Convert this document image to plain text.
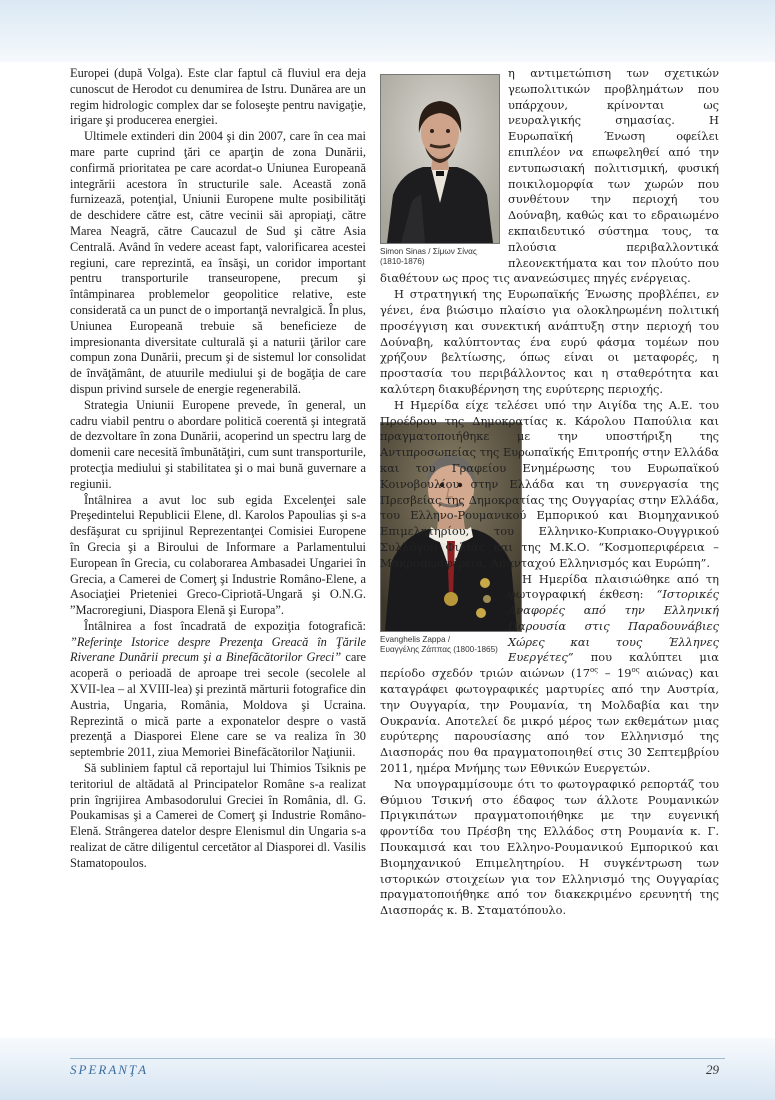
Europei (după Volga). Este clar faptul că fluviul era deja cunoscut de Herodot cu denumirea de Istru. Dunărea are un regim hidrologic complex dar se foloseşte pentru navigaţie, irigare şi producerea energiei.

Ultimele extinderi din 2004 şi din 2007, care în cea mai mare parte cuprind ţări ce aparţin de zona Dunării, confirmă prioritatea pe care acordat-o Uniunea Europeană integrării acestora în structurile sale. Această zonă furnizează, potenţial, Uniunii Europene multe posibilităţi de deschidere către est, către vecinii săi apropiaţi, către Marea Neagră, către Caucazul de Sud şi către Asia Centrală. Având în vedere aceast fapt, valorificarea acestei regiuni, care reprezintă, ea însăşi, un coridor important pentru transporturile transeuropene, precum şi întâmpinarea problemelor geopolitice relative, este considerată ca un punct de o importanţă nevralgică. În plus, Uniunea Europeană trebuie să beneficieze de impresionanta diversitate culturală şi a naturii ţărilor care compun zona Dunării, precum şi de sistemul lor consolidat de învăţământ, de atuurile mediului şi de bogăţia de care dispun privind sursele de energie regenerabilă.

Strategia Uniunii Europene prevede, în general, un cadru viabil pentru o abordare politică coerentă şi integrată de dezvoltare în zona Dunării, acoperind un spectru larg de domenii care necesită îmbunătăţiri, cum sunt transporturile, protecţia mediului şi stabilitatea şi o mai bună guvernare a regiunii.

Întâlnirea a avut loc sub egida Excelenţei sale Preşedintelui Republicii Elene, dl. Karolos Papoulias şi s-a desfăşurat cu sprijinul Reprezentanţei Comisiei Europene în Grecia şi a Biroului de Informare a Parlamentului European în Grecia, cu colaborarea Ambasadei Ungariei în Grecia, a Camerei de Comerţ şi Industrie Româno-Elene, a Asociaţiei Prieteniei Greco-Cipriotă-Ungară şi O.N.G. ”Macroregiuni, Diaspora Elenă şi Europa”.

Întâlnirea a fost încadrată de expoziţia fotografică: ”Referinţe Istorice despre Prezenţa Greacă în Ţările Riverane Dunării precum şi a Binefăcătorilor Greci” care acoperă o perioadă de aproape trei secole (secolele al XVII-lea – al XVIII-lea) şi prezintă mărturii fotografice din Austria, Ungaria, România, Moldova şi Ucraina. Reprezintă o mică parte a exponatelor despre o vastă prezenţă a Diasporei Elene care se va realiza în 30 septembrie 2011, ziua Memoriei Binefăcătorilor Naţiunii.

Să subliniem faptul că reportajul lui Thimios Tsiknis pe teritoriul de altădată al Principatelor Române s-a realizat prin îngrijirea Ambasodorului Greciei în România, dl. G. Poukamisas şi a Camerei de Comerţ şi Industrie Româno-Elenă. Strângerea datelor despre Elenismul din Ungaria s-a realizat de către diligentul cercetător al Diasporei dl. Vasilis Stamatopoulos.

Simon Sinas / Σίμων Σίνας
(1810-1876)

η αντιμετώπιση των σχετικών γεωπολιτικών προβλημάτων που υπάρχουν, κρίνονται ως νευραλγικής σημασίας. Η Ευρωπαϊκή Ένωση οφείλει επιπλέον να επωφεληθεί από την εντυπωσιακή πολιτισμική, φυσική ποικιλομορφία των χωρών που συνθέτουν την περιοχή του Δούναβη, καθώς και το εδραιωμένο εκπαιδευτικό σύστημα τους, τα πλούσια περιβαλλοντικά πλεονεκτήματα και τον πλούτο που διαθέτουν ως προς τις ανανεώσιμες πηγές ενέργειας.

Η στρατηγική της Ευρωπαϊκής Ένωσης προβλέπει, εν γένει, ένα βιώσιμο πλαίσιο για ολοκληρωμένη πολιτική προσέγγιση και συνεκτική ανάπτυξη στην περιοχή του Δούναβη, καλύπτοντας ένα ευρύ φάσμα τομέων που χρήζουν βελτίωσης, όπως είναι οι μεταφορές, η προστασία του περιβάλλοντος και η σταθερότητα και καλύτερη διακυβέρνηση της ευρύτερης περιοχής.

Η Ημερίδα είχε τελέσει υπό την Αιγίδα της Α.Ε. του Προέδρου της Δημοκρατίας κ. Κάρολου Παπούλια και πραγματοποιήθηκε με την υποστήριξη της Αντιπροσωπείας της Ευρωπαϊκής Επιτροπής στην Ελλάδα και του Γραφείου Ενημέρωσης του Ευρωπαϊκού Κοινοβουλίου στην Ελλάδα και τη συνεργασία της Πρεσβείας της Δημοκρατίας της Ουγγαρίας στην Ελλάδα, του Ελληνο-Ρουμανικού Εμπορικού και Βιομηχανικού Επιμελητηρίου, του Ελληνικο-Κυπριακο-Ουγγρικού Συλλόγου Φιλίας και της Μ.Κ.Ο. “Κοσμοπεριφέρεια – Μακροπεριφέρεια, Απανταχού Ελληνισμός και Ευρώπη”.

Evanghelis Zappa /
Ευαγγέλης Ζάππας (1800-1865)

Η Ημερίδα πλαισιώθηκε από τη φωτογραφική έκθεση: “Ιστορικές Αναφορές από την Ελληνική Παρουσία στις Παραδουνάβιες Χώρες και τους Έλληνες Ευεργέτες” που καλύπτει μια περίοδο σχεδόν τριών αιώνων ($17^{o\varsigma} - 19^{o\varsigma}$ αιώνας) και καταγράφει φωτογραφικές μαρτυρίες από την Αυστρία, την Ουγγαρία, την Ρουμανία, τη Μολδαβία και την Ουκρανία. Αποτελεί δε μικρό μέρος των εκθεμάτων μιας ευρύτερης παρουσίασης από τον Ελληνισμό της Διασποράς που θα πραγματοποιηθεί στις 30 Σεπτεμβρίου 2011, ημέρα Μνήμης των Εθνικών Ευεργετών.

Να υπογραμμίσουμε ότι το φωτογραφικό ρεπορτάζ του Θύμιου Τσικνή στο έδαφος των άλλοτε Ρουμανικών Πριγκιπάτων πραγματοποιήθηκε με την ευγενική φροντίδα του Πρέσβη της Ελλάδος στη Ρουμανία κ. Γ. Πουκαμισά και του Ελληνο-Ρουμανικού Εμπορικού και Βιομηχανικού Επιμελητηρίου. Η συγκέντρωση των ιστορικών στοιχείων για τον Ελληνισμό της Ουγγαρίας πραγματοποιήθηκε από τον διακεκριμένο ερευνητή της Διασποράς κ. Β. Σταματόπουλο.

SPERANŢA	29
